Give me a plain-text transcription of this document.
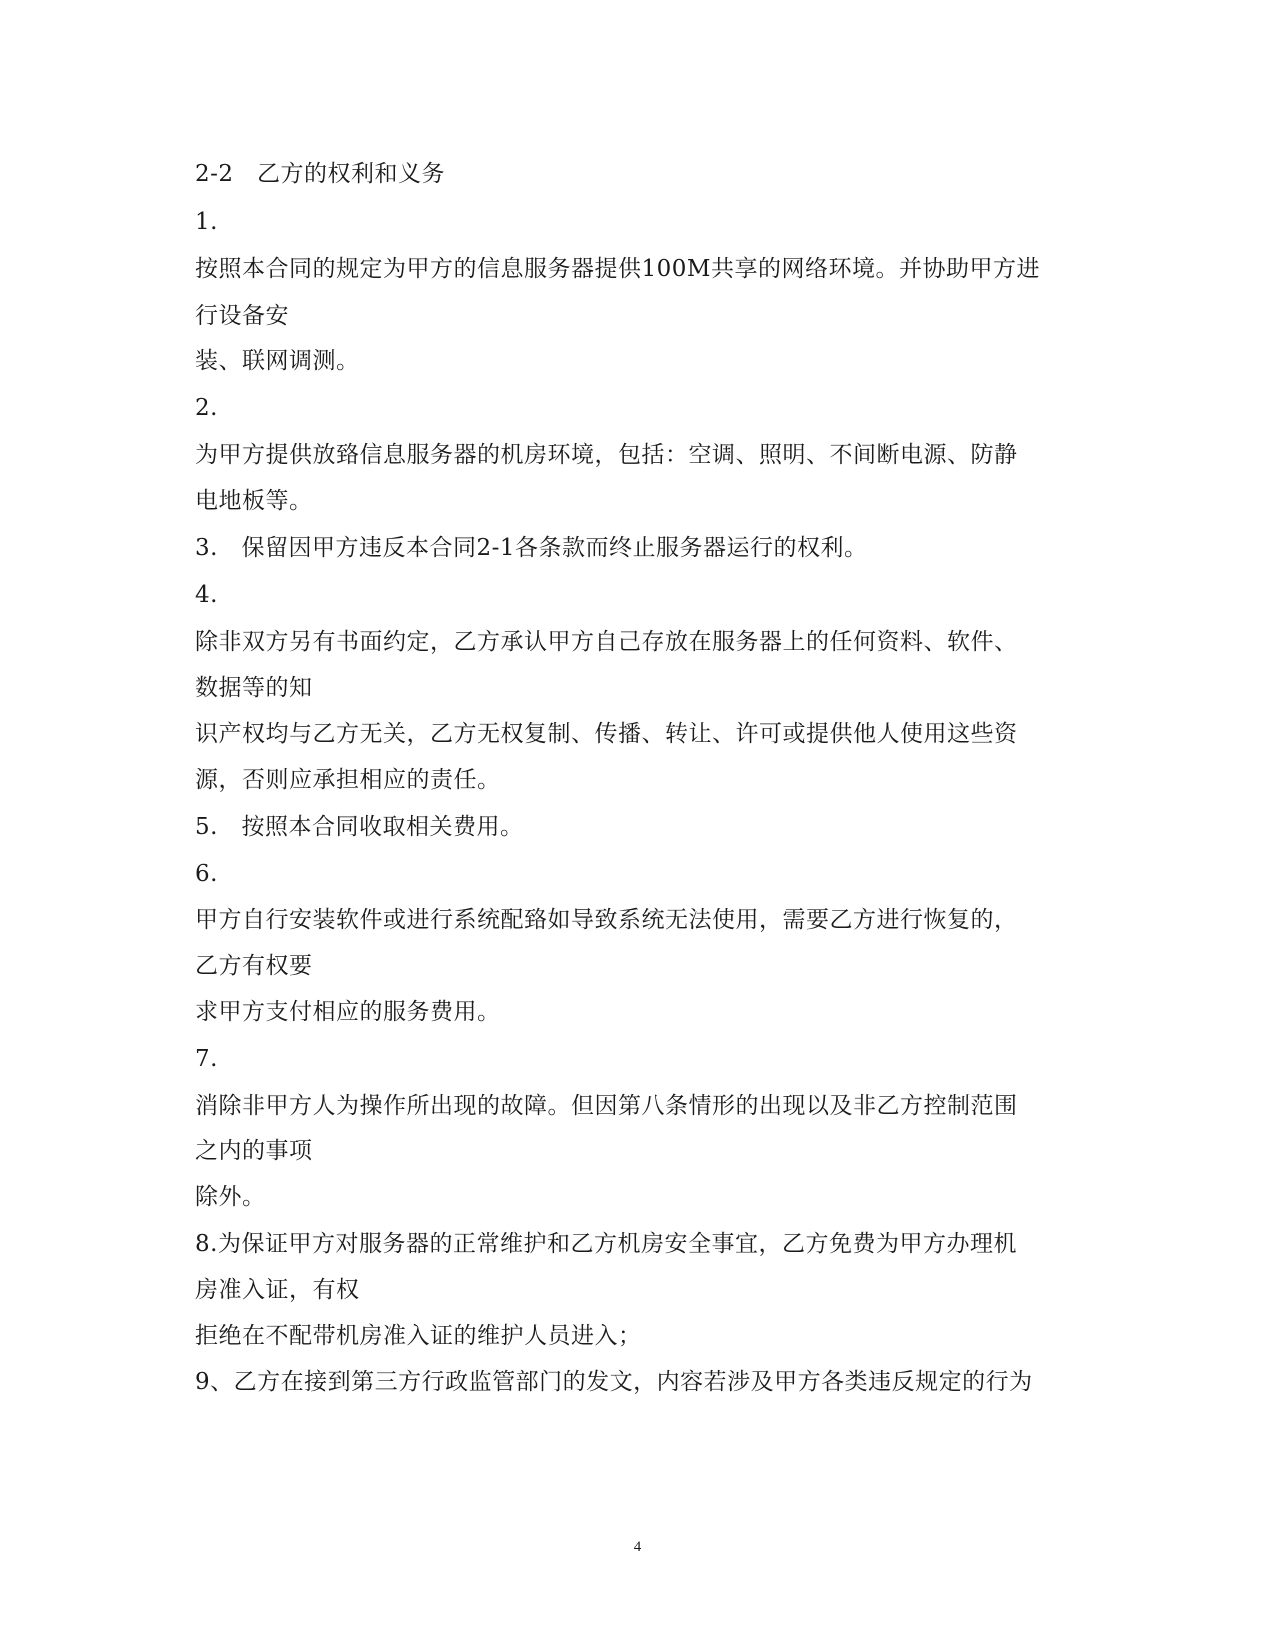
2-2　乙方的权利和义务

1.

按照本合同的规定为甲方的信息服务器提供100M共享的网络环境。并协助甲方进

行设备安

装、联网调测。

2.

为甲方提供放臵信息服务器的机房环境，包括：空调、照明、不间断电源、防静

电地板等。

3.　保留因甲方违反本合同2-1各条款而终止服务器运行的权利。

4.

除非双方另有书面约定，乙方承认甲方自己存放在服务器上的任何资料、软件、

数据等的知

识产权均与乙方无关，乙方无权复制、传播、转让、许可或提供他人使用这些资

源，否则应承担相应的责任。

5.　按照本合同收取相关费用。

6.

甲方自行安装软件或进行系统配臵如导致系统无法使用，需要乙方进行恢复的，

乙方有权要

求甲方支付相应的服务费用。

7.

消除非甲方人为操作所出现的故障。但因第八条情形的出现以及非乙方控制范围

之内的事项

除外。

8.为保证甲方对服务器的正常维护和乙方机房安全事宜，乙方免费为甲方办理机

房准入证，有权

拒绝在不配带机房准入证的维护人员进入；

9、乙方在接到第三方行政监管部门的发文，内容若涉及甲方各类违反规定的行为

4
